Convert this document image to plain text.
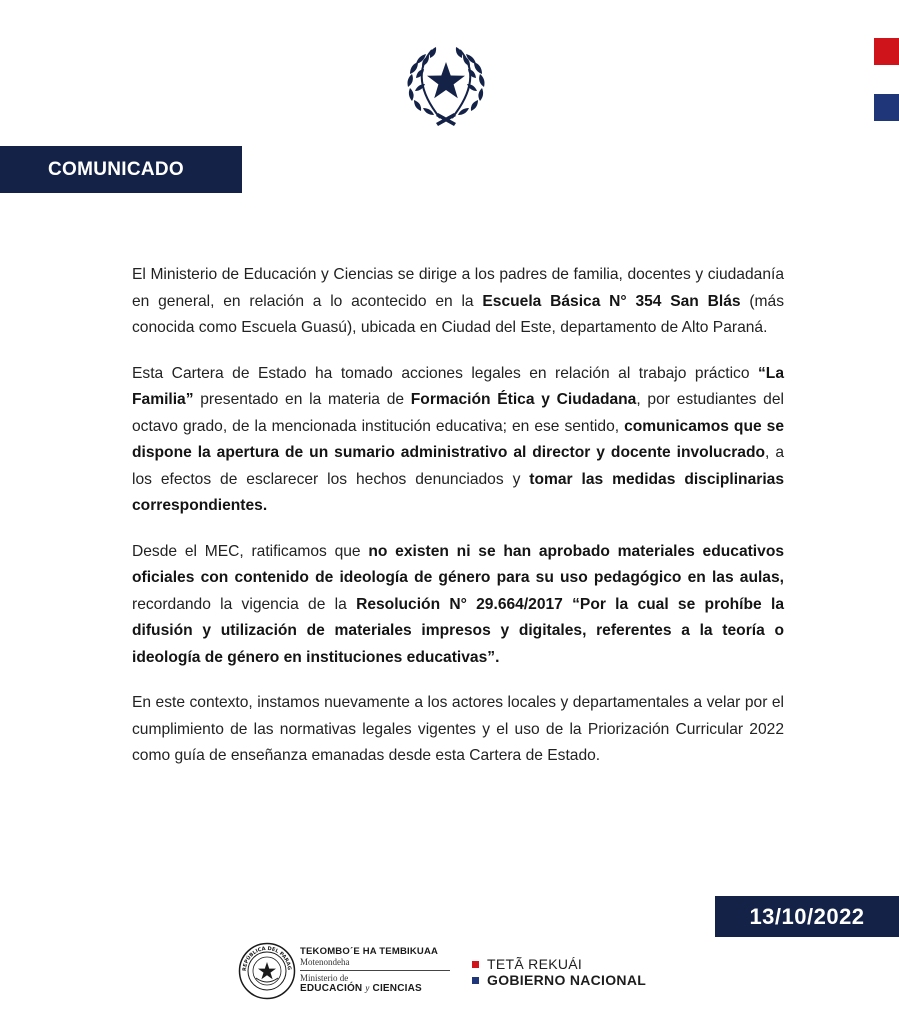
COMUNICADO

El Ministerio de Educación y Ciencias se dirige a los padres de familia, docentes y ciudadanía en general, en relación a lo acontecido en la Escuela Básica N° 354 San Blás (más conocida como Escuela Guasú), ubicada en Ciudad del Este, departamento de Alto Paraná.

Esta Cartera de Estado ha tomado acciones legales en relación al trabajo práctico “La Familia” presentado en la materia de Formación Ética y Ciudadana, por estudiantes del octavo grado, de la mencionada institución educativa; en ese sentido, comunicamos que se dispone la apertura de un sumario administrativo al director y docente involucrado, a los efectos de esclarecer los hechos denunciados y tomar las medidas disciplinarias correspondientes.

Desde el MEC, ratificamos que no existen ni se han aprobado materiales educativos oficiales con contenido de ideología de género para su uso pedagógico en las aulas, recordando la vigencia de la Resolución N° 29.664/2017 “Por la cual se prohíbe la difusión y utilización de materiales impresos y digitales, referentes a la teoría o ideología de género en instituciones educativas”.

En este contexto, instamos nuevamente a los actores locales y departamentales a velar por el cumplimiento de las normativas legales vigentes y el uso de la Priorización Curricular 2022 como guía de enseñanza emanadas desde esta Cartera de Estado.

13/10/2022
REPÚBLICA DEL PARAG
TEKOMBO´E HA TEMBIKUAA
Motenondeha
Ministerio de
EDUCACIÓN y CIENCIAS
TETÃ REKUÁI
GOBIERNO NACIONAL
